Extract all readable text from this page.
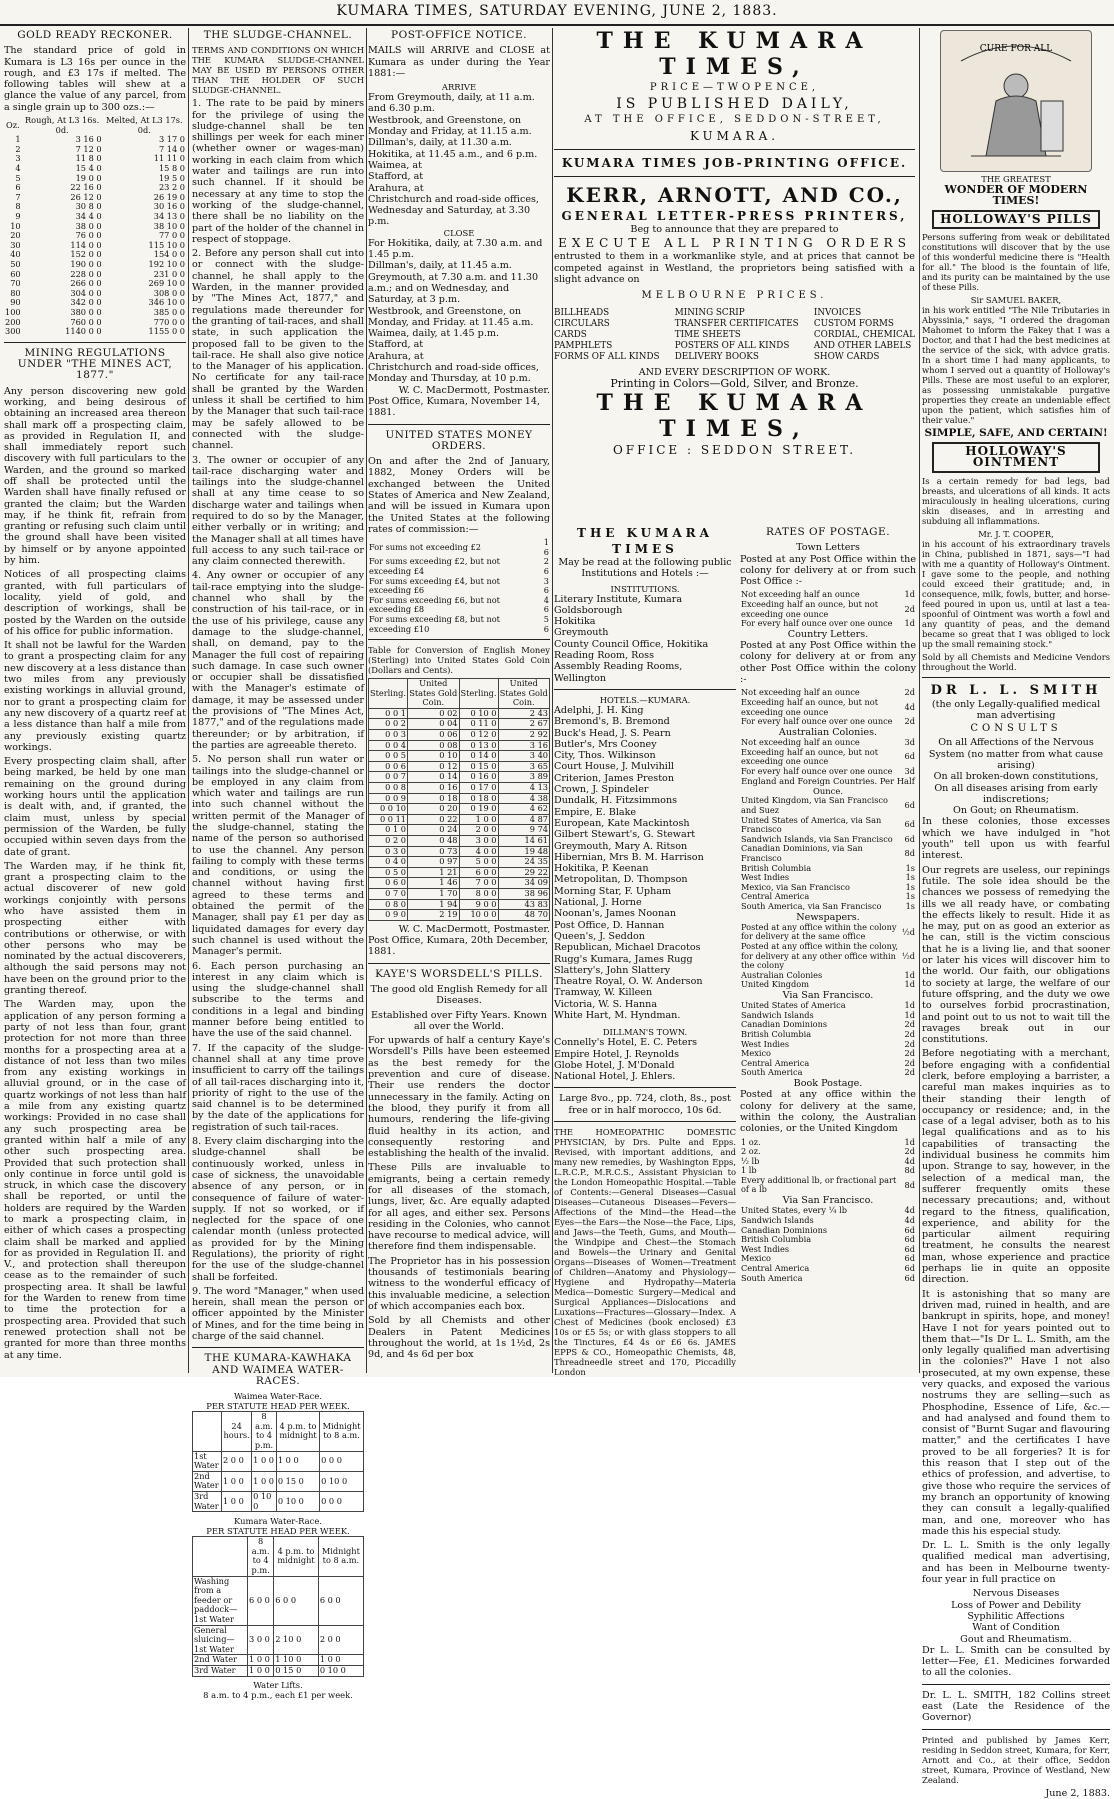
KUMARA TIMES, SATURDAY EVENING, JUNE 2, 1883.
GOLD READY RECKONER.

The standard price of gold in Kumara is L3 16s per ounce in the rough, and £3 17s if melted. The following tables will shew at a glance the value of any parcel, from a single grain up to 300 ozs.:—

Oz.	Rough, At L3 16s. 0d.	Melted, At L3 17s. 0d.
1	3 16 0	3 17 0
2	7 12 0	7 14 0
3	11 8 0	11 11 0
4	15 4 0	15 8 0
5	19 0 0	19 5 0
6	22 16 0	23 2 0
7	26 12 0	26 19 0
8	30 8 0	30 16 0
9	34 4 0	34 13 0
10	38 0 0	38 10 0
20	76 0 0	77 0 0
30	114 0 0	115 10 0
40	152 0 0	154 0 0
50	190 0 0	192 10 0
60	228 0 0	231 0 0
70	266 0 0	269 10 0
80	304 0 0	308 0 0
90	342 0 0	346 10 0
100	380 0 0	385 0 0
200	760 0 0	770 0 0
300	1140 0 0	1155 0 0
MINING REGULATIONS UNDER "THE MINES ACT, 1877."

Any person discovering new gold working, and being desirous of obtaining an increased area thereon shall mark off a prospecting claim, as provided in Regulation II, and shall immediately report such discovery with full particulars to the Warden, and the ground so marked off shall be protected until the Warden shall have finally refused or granted the claim; but the Warden may, if he think fit, refrain from granting or refusing such claim until the ground shall have been visited by himself or by anyone appointed by him.

Notices of all prospecting claims granted, with full particulars of locality, yield of gold, and description of workings, shall be posted by the Warden on the outside of his office for public information.

It shall not be lawful for the Warden to grant a prospecting claim for any new discovery at a less distance than two miles from any previously existing workings in alluvial ground, nor to grant a prospecting claim for any new discovery of a quartz reef at a less distance than half a mile from any previously existing quartz workings.

Every prospecting claim shall, after being marked, be held by one man remaining on the ground during working hours until the application is dealt with, and, if granted, the claim must, unless by special permission of the Warden, be fully occupied within seven days from the date of grant.

The Warden may, if he think fit, grant a prospecting claim to the actual discoverer of new gold workings conjointly with persons who have assisted them in prospecting either with contributions or otherwise, or with other persons who may be nominated by the actual discoverers, although the said persons may not have been on the ground prior to the granting thereof.

The Warden may, upon the application of any person forming a party of not less than four, grant protection for not more than three months for a prospecting area at a distance of not less than two miles from any existing workings in alluvial ground, or in the case of quartz workings of not less than half a mile from any existing quartz workings: Provided in no case shall any such prospecting area be granted within half a mile of any other such prospecting area. Provided that such protection shall only continue in force until gold is struck, in which case the discovery shall be reported, or until the holders are required by the Warden to mark a prospecting claim, in either of which cases a prospecting claim shall be marked and applied for as provided in Regulation II. and V., and protection shall thereupon cease as to the remainder of such prospecting area. It shall be lawful for the Warden to renew from time to time the protection for a prospecting area. Provided that such renewed protection shall not be granted for more than three months at any time.

THE SLUDGE-CHANNEL.

TERMS AND CONDITIONS ON WHICH THE KUMARA SLUDGE-CHANNEL MAY BE USED BY PERSONS OTHER THAN THE HOLDER OF SUCH SLUDGE-CHANNEL.

1. The rate to be paid by miners for the privilege of using the sludge-channel shall be ten shillings per week for each miner (whether owner or wages-man) working in each claim from which water and tailings are run into such channel. If it should be necessary at any time to stop the working of the sludge-channel, there shall be no liability on the part of the holder of the channel in respect of stoppage.

2. Before any person shall cut into or connect with the sludge-channel, he shall apply to the Warden, in the manner provided by "The Mines Act, 1877," and regulations made thereunder for the granting of tail-races, and shall state, in such application the proposed fall to be given to the tail-race. He shall also give notice to the Manager of his application. No certificate for any tail-race shall be granted by the Warden unless it shall be certified to him by the Manager that such tail-race may be safely allowed to be connected with the sludge-channel.

3. The owner or occupier of any tail-race discharging water and tailings into the sludge-channel shall at any time cease to so discharge water and tailings when required to do so by the Manager, either verbally or in writing; and the Manager shall at all times have full access to any such tail-race or any claim connected therewith.

4. Any owner or occupier of any tail-race emptying into the sludge-channel who shall by the construction of his tail-race, or in the use of his privilege, cause any damage to the sludge-channel, shall, on demand, pay to the Manager the full cost of repairing such damage. In case such owner or occupier shall be dissatisfied with the Manager's estimate of damage, it may be assessed under the provisions of "The Mines Act, 1877," and of the regulations made thereunder; or by arbitration, if the parties are agreeable thereto.

5. No person shall run water or tailings into the sludge-channel or be employed in any claim from which water and tailings are run into such channel without the written permit of the Manager of the sludge-channel, stating the name of the person so authorised to use the channel. Any person failing to comply with these terms and conditions, or using the channel without having first agreed to these terms and obtained the permit of the Manager, shall pay £1 per day as liquidated damages for every day such channel is used without the Manager's permit.

6. Each person purchasing an interest in any claim which is using the sludge-channel shall subscribe to the terms and conditions in a legal and binding manner before being entitled to have the use of the said channel.

7. If the capacity of the sludge-channel shall at any time prove insufficient to carry off the tailings of all tail-races discharging into it, priority of right to the use of the said channel is to be determined by the date of the applications for registration of such tail-races.

8. Every claim discharging into the sludge-channel shall be continuously worked, unless in case of sickness, the unavoidable absence of any person, or in consequence of failure of water-supply. If not so worked, or if neglected for the space of one calendar month (unless protected as provided for by the Mining Regulations), the priority of right for the use of the sludge-channel shall be forfeited.

9. The word "Manager," when used herein, shall mean the person or officer appointed by the Minister of Mines, and for the time being in charge of the said channel.

THE KUMARA-KAWHAKA AND WAIMEA WATER-RACES.
Waimea Water-Race.
PER STATUTE HEAD PER WEEK.
	24 hours.	8 a.m. to 4 p.m.	4 p.m. to midnight	Midnight to 8 a.m.
1st Water	2 0 0	1 0 0	1 0 0	0 0 0
2nd Water	1 0 0	1 0 0	0 15 0	0 10 0
3rd Water	1 0 0	0 10 0	0 10 0	0 0 0
Kumara Water-Race.
PER STATUTE HEAD PER WEEK.
	8 a.m. to 4 p.m.	4 p.m. to midnight	Midnight to 8 a.m.
Washing from a feeder or paddock—1st Water	6 0 0	6 0 0	6 0 0
General sluicing—1st Water	3 0 0	2 10 0	2 0 0
2nd Water	1 0 0	1 10 0	1 0 0
3rd Water	1 0 0	0 15 0	0 10 0
Water Lifts.
8 a.m. to 4 p.m., each £1 per week.
POST-OFFICE NOTICE.

MAILS will ARRIVE and CLOSE at Kumara as under during the Year 1881:—

ARRIVE
From Greymouth, daily, at 11 a.m. and 6.30 p.m.
Westbrook, and Greenstone, on Monday and Friday, at 11.15 a.m.
Dillman's, daily, at 11.30 a.m.
Hokitika, at 11.45 a.m., and 6 p.m.
Waimea, at
Stafford, at
Arahura, at
Christchurch and road-side offices, Wednesday and Saturday, at 3.30 p.m.
CLOSE
For Hokitika, daily, at 7.30 a.m. and 1.45 p.m.
Dillman's, daily, at 11.45 a.m.
Greymouth, at 7.30 a.m. and 11.30 a.m.; and on Wednesday, and Saturday, at 3 p.m.
Westbrook, and Greenstone, on Monday, and Friday. at 11.45 a.m.
Waimea, daily, at 1.45 p.m.
Stafford, at
Arahura, at
Christchurch and road-side offices, Monday and Thursday, at 10 p.m.
W. C. MacDermott, Postmaster.
Post Office, Kumara, November 14, 1881.
UNITED STATES MONEY ORDERS.

On and after the 2nd of January, 1882, Money Orders will be exchanged between the United States of America and New Zealand, and will be issued in Kumara upon the United States at the following rates of commission:—

For sums not exceeding £2	1 6
For sums exceeding £2, but not exceeding £4	2 6
For sums exceeding £4, but not exceeding £6	3 6
For sums exceeding £6, but not exceeding £8	4 6
For sums exceeding £8, but not exceeding £10	5 6

Table for Conversion of English Money (Sterling) into United States Gold Coin (Dollars and Cents).

Sterling.	United States Gold Coin.	Sterling.	United States Gold Coin.
0 0 1	0 02	0 10 0	2 43
0 0 2	0 04	0 11 0	2 67
0 0 3	0 06	0 12 0	2 92
0 0 4	0 08	0 13 0	3 16
0 0 5	0 10	0 14 0	3 40
0 0 6	0 12	0 15 0	3 65
0 0 7	0 14	0 16 0	3 89
0 0 8	0 16	0 17 0	4 13
0 0 9	0 18	0 18 0	4 38
0 0 10	0 20	0 19 0	4 62
0 0 11	0 22	1 0 0	4 87
0 1 0	0 24	2 0 0	9 74
0 2 0	0 48	3 0 0	14 61
0 3 0	0 73	4 0 0	19 48
0 4 0	0 97	5 0 0	24 35
0 5 0	1 21	6 0 0	29 22
0 6 0	1 46	7 0 0	34 09
0 7 0	1 70	8 0 0	38 96
0 8 0	1 94	9 0 0	43 83
0 9 0	2 19	10 0 0	48 70
W. C. MacDermott, Postmaster.
Post Office, Kumara, 20th December, 1881.
KAYE'S WORSDELL'S PILLS.
The good old English Remedy for all Diseases.
Established over Fifty Years. Known all over the World.

For upwards of half a century Kaye's Worsdell's Pills have been esteemed as the best remedy for the prevention and cure of disease. Their use renders the doctor unnecessary in the family. Acting on the blood, they purify it from all humours, rendering the life-giving fluid healthy in its action, and consequently restoring and establishing the health of the invalid.

These Pills are invaluable to emigrants, being a certain remedy for all diseases of the stomach, lungs, liver, &c. Are equally adapted for all ages, and either sex. Persons residing in the Colonies, who cannot have recourse to medical advice, will therefore find them indispensable.

The Proprietor has in his possession thousands of testimonials bearing witness to the wonderful efficacy of this invaluable medicine, a selection of which accompanies each box.

Sold by all Chemists and other Dealers in Patent Medicines throughout the world, at 1s 1½d, 2s 9d, and 4s 6d per box

THE KUMARA TIMES,
PRICE—TWOPENCE,
IS PUBLISHED DAILY,
AT THE OFFICE, SEDDON-STREET,
KUMARA.
KUMARA TIMES JOB-PRINTING OFFICE.
KERR, ARNOTT, AND CO.,
GENERAL LETTER-PRESS PRINTERS,
Beg to announce that they are prepared to
EXECUTE ALL PRINTING ORDERS

entrusted to them in a workmanlike style, and at prices that cannot be competed against in Westland, the proprietors being satisfied with a slight advance on

MELBOURNE PRICES.
BILLHEADS
CIRCULARS
CARDS
PAMPHLETS
FORMS OF ALL KINDS
MINING SCRIP
TRANSFER CERTIFICATES
TIME SHEETS
POSTERS OF ALL KINDS
DELIVERY BOOKS
INVOICES
CUSTOM FORMS
CORDIAL, CHEMICAL
AND OTHER LABELS
SHOW CARDS
AND EVERY DESCRIPTION OF WORK.
Printing in Colors—Gold, Silver, and Bronze.
THE KUMARA TIMES,
OFFICE : SEDDON STREET.
THE KUMARA TIMES
May be read at the following public Institutions and Hotels :—
INSTITUTIONS.
Literary Institute, Kumara
Goldsborough
Hokitika
Greymouth
County Council Office, Hokitika
Reading Room, Ross
Assembly Reading Rooms, Wellington
HOTELS.—KUMARA.
Adelphi, J. H. King
Bremond's, B. Bremond
Buck's Head, J. S. Pearn
Butler's, Mrs Cooney
City, Thos. Wilkinson
Court House, J. Mulvihill
Criterion, James Preston
Crown, J. Spindeler
Dundalk, H. Fitzsimmons
Empire, E. Blake
European, Kate Mackintosh
Gilbert Stewart's, G. Stewart
Greymouth, Mary A. Ritson
Hibernian, Mrs B. M. Harrison
Hokitika, P. Keenan
Metropolitan, D. Thompson
Morning Star, F. Upham
National, J. Horne
Noonan's, James Noonan
Post Office, D. Hannan
Queen's, J. Seddon
Republican, Michael Dracotos
Rugg's Kumara, James Rugg
Slattery's, John Slattery
Theatre Royal, O. W. Anderson
Tramway, W. Killeen
Victoria, W. S. Hanna
White Hart, M. Hyndman.
DILLMAN'S TOWN.
Connelly's Hotel, E. C. Peters
Empire Hotel, J. Reynolds
Globe Hotel, J. M'Donald
National Hotel, J. Ehlers.
Large 8vo., pp. 724, cloth, 8s., post free or in half morocco, 10s 6d.

THE HOMEOPATHIC DOMESTIC PHYSICIAN, by Drs. Pulte and Epps. Revised, with important additions, and many new remedies, by Washington Epps, L.R.C.P., M.R.C.S., Assistant Physician to the London Homeopathic Hospital.—Table of Contents:—General Diseases—Casual Diseases—Cutaneous Diseases—Fevers—Affections of the Mind—the Head—the Eyes—the Ears—the Nose—the Face, Lips, and Jaws—the Teeth, Gums, and Mouth—the Windpipe and Chest—the Stomach and Bowels—the Urinary and Genital Organs—Diseases of Women—Treatment of Children—Anatomy and Physiology—Hygiene and Hydropathy—Materia Medica—Domestic Surgery—Medical and Surgical Appliances—Dislocations and Luxations—Fractures—Glossary—Index. A Chest of Medicines (book enclosed) £3 10s or £5 5s; or with glass stoppers to all the Tinctures, £4 4s or £6 6s. JAMES EPPS & CO., Homeopathic Chemists, 48, Threadneedle street and 170, Piccadilly London

RATES OF POSTAGE.
Town Letters

Posted at any Post Office within the colony for delivery at or from such Post Office :-

Not exceeding half an ounce	1d
Exceeding half an ounce, but not exceeding one ounce	2d
For every half ounce over one ounce	1d
Country Letters.

Posted at any Post Office within the colony for delivery at or from any other Post Office within the colony :-

Not exceeding half an ounce	2d
Exceeding half an ounce, but not exceeding one ounce	4d
For every half ounce over one ounce	2d
Australian Colonies.
Not exceeding half an ounce	3d
Exceeding half an ounce, but not exceeding one ounce	6d
For every half ounce over one ounce	3d
England and Foreign Countries. Per Half Ounce.
United Kingdom, via San Francisco and Suez	6d
United States of America, via San Francisco	6d
Sandwich Islands, via San Francisco	6d
Canadian Dominions, via San Francisco	8d
British Columbia	1s
West Indies	1s
Mexico, via San Francisco	1s
Central America	1s
South America, via San Francisco	1s
Newspapers.
Posted at any office within the colony for delivery at the same office	½d
Posted at any office within the colony, for delivery at any other office within the colony	½d
Australian Colonies	1d
United Kingdom	1d
Via San Francisco.
United States of America	1d
Sandwich Islands	1d
Canadian Dominions	2d
British Columbia	2d
West Indies	2d
Mexico	2d
Central America	2d
South America	2d
Book Postage.

Posted at any office within the colony for delivery at the same, within the colony, the Australian colonies, or the United Kingdom

1 oz.	1d
2 oz.	2d
½ lb	4d
1 lb	8d
Every additional lb, or fractional part of a lb	8d
Via San Francisco.
United States, every ¼ lb	4d
Sandwich Islands	4d
Canadian Dominions	6d
British Columbia	6d
West Indies	6d
Mexico	6d
Central America	6d
South America	6d
CURE FOR ALL
THE GREATEST
WONDER OF MODERN TIMES!
HOLLOWAY'S PILLS

Persons suffering from weak or debilitated constitutions will discover that by the use of this wonderful medicine there is "Health for all." The blood is the fountain of life, and its purity can be maintained by the use of these Pills.

Sir SAMUEL BAKER,

in his work entitled "The Nile Tributaries in Abyssinia," says, "I ordered the dragoman Mahomet to inform the Fakey that I was a Doctor, and that I had the best medicines at the service of the sick, with advice gratis. In a short time I had many applicants, to whom I served out a quantity of Holloway's Pills. These are most useful to an explorer, as possessing unmistakable purgative properties they create an undeniable effect upon the patient, which satisfies him of their value."

SIMPLE, SAFE, AND CERTAIN!
HOLLOWAY'S OINTMENT

Is a certain remedy for bad legs, bad breasts, and ulcerations of all kinds. It acts miraculously in healing ulcerations, curing skin diseases, and in arresting and subduing all inflammations.

Mr. J. T. COOPER,

in his account of his extraordinary travels in China, published in 1871, says—"I had with me a quantity of Holloway's Ointment. I gave some to the people, and nothing could exceed their gratitude; and, in consequence, milk, fowls, butter, and horse-feed poured in upon us, until at last a tea-spoonful of Ointment was worth a fowl and any quantity of peas, and the demand became so great that I was obliged to lock up the small remaining stock."

Sold by all Chemists and Medicine Vendors throughout the World.

DR L. L. SMITH
(the only Legally-qualified medical man advertising
CONSULTS
On all Affections of the Nervous System (no matter from what cause arising)
On all broken-down constitutions,
On all diseases arising from early indiscretions;
On Gout; on Rheumatism.

In these colonies, those excesses which we have indulged in "hot youth" tell upon us with fearful interest.

Our regrets are useless, our repinings futile. The sole idea should be the chances we possess of remedying the ills we all ready have, or combating the effects likely to result. Hide it as he may, put on as good an exterior as he can, still is the victim conscious that he is a living lie, and that sooner or later his vices will discover him to the world. Our faith, our obligations to society at large, the welfare of our future offspring, and the duty we owe to ourselves forbid procrastination, and point out to us not to wait till the ravages break out in our constitutions.

Before negotiating with a merchant, before engaging with a confidential clerk, before employing a barrister, a careful man makes inquiries as to their standing their length of occupancy or residence; and, in the case of a legal adviser, both as to his legal qualifications and as to his capabilities of transacting the individual business he commits him upon. Strange to say, however, in the selection of a medical man, the sufferer frequently omits these necessary precautions; and, without regard to the fitness, qualification, experience, and ability for the particular ailment requiring treatment, he consults the nearest man, whose experience and practice perhaps lie in quite an opposite direction.

It is astonishing that so many are driven mad, ruined in health, and are bankrupt in spirits, hope, and money! Have I not for years pointed out to them that—"Is Dr L. L. Smith, am the only legally qualified man advertising in the colonies?" Have I not also prosecuted, at my own expense, these very quacks, and exposed the various nostrums they are selling—such as Phosphodine, Essence of Life, &c.—and had analysed and found them to consist of "Burnt Sugar and flavouring matter," and the certificates I have proved to be all forgeries? It is for this reason that I step out of the ethics of profession, and advertise, to give those who require the services of my branch an opportunity of knowing they can consult a legally-qualified man, and one, moreover who has made this his especial study.

Dr. L. L. Smith is the only legally qualified medical man advertising, and has been in Melbourne twenty-four year in full practice on

Nervous Diseases
Loss of Power and Debility
Syphilitic Affections
Want of Condition
Gout and Rheumatism.

Dr L. L. Smith can be consulted by letter—Fee, £1. Medicines forwarded to all the colonies.

Dr. L. L. SMITH, 182 Collins street east (Late the Residence of the Governor)

Printed and published by James Kerr, residing in Seddon street, Kumara, for Kerr, Arnott and Co., at their office, Seddon street, Kumara, Province of Westland, New Zealand.

June 2, 1883.
